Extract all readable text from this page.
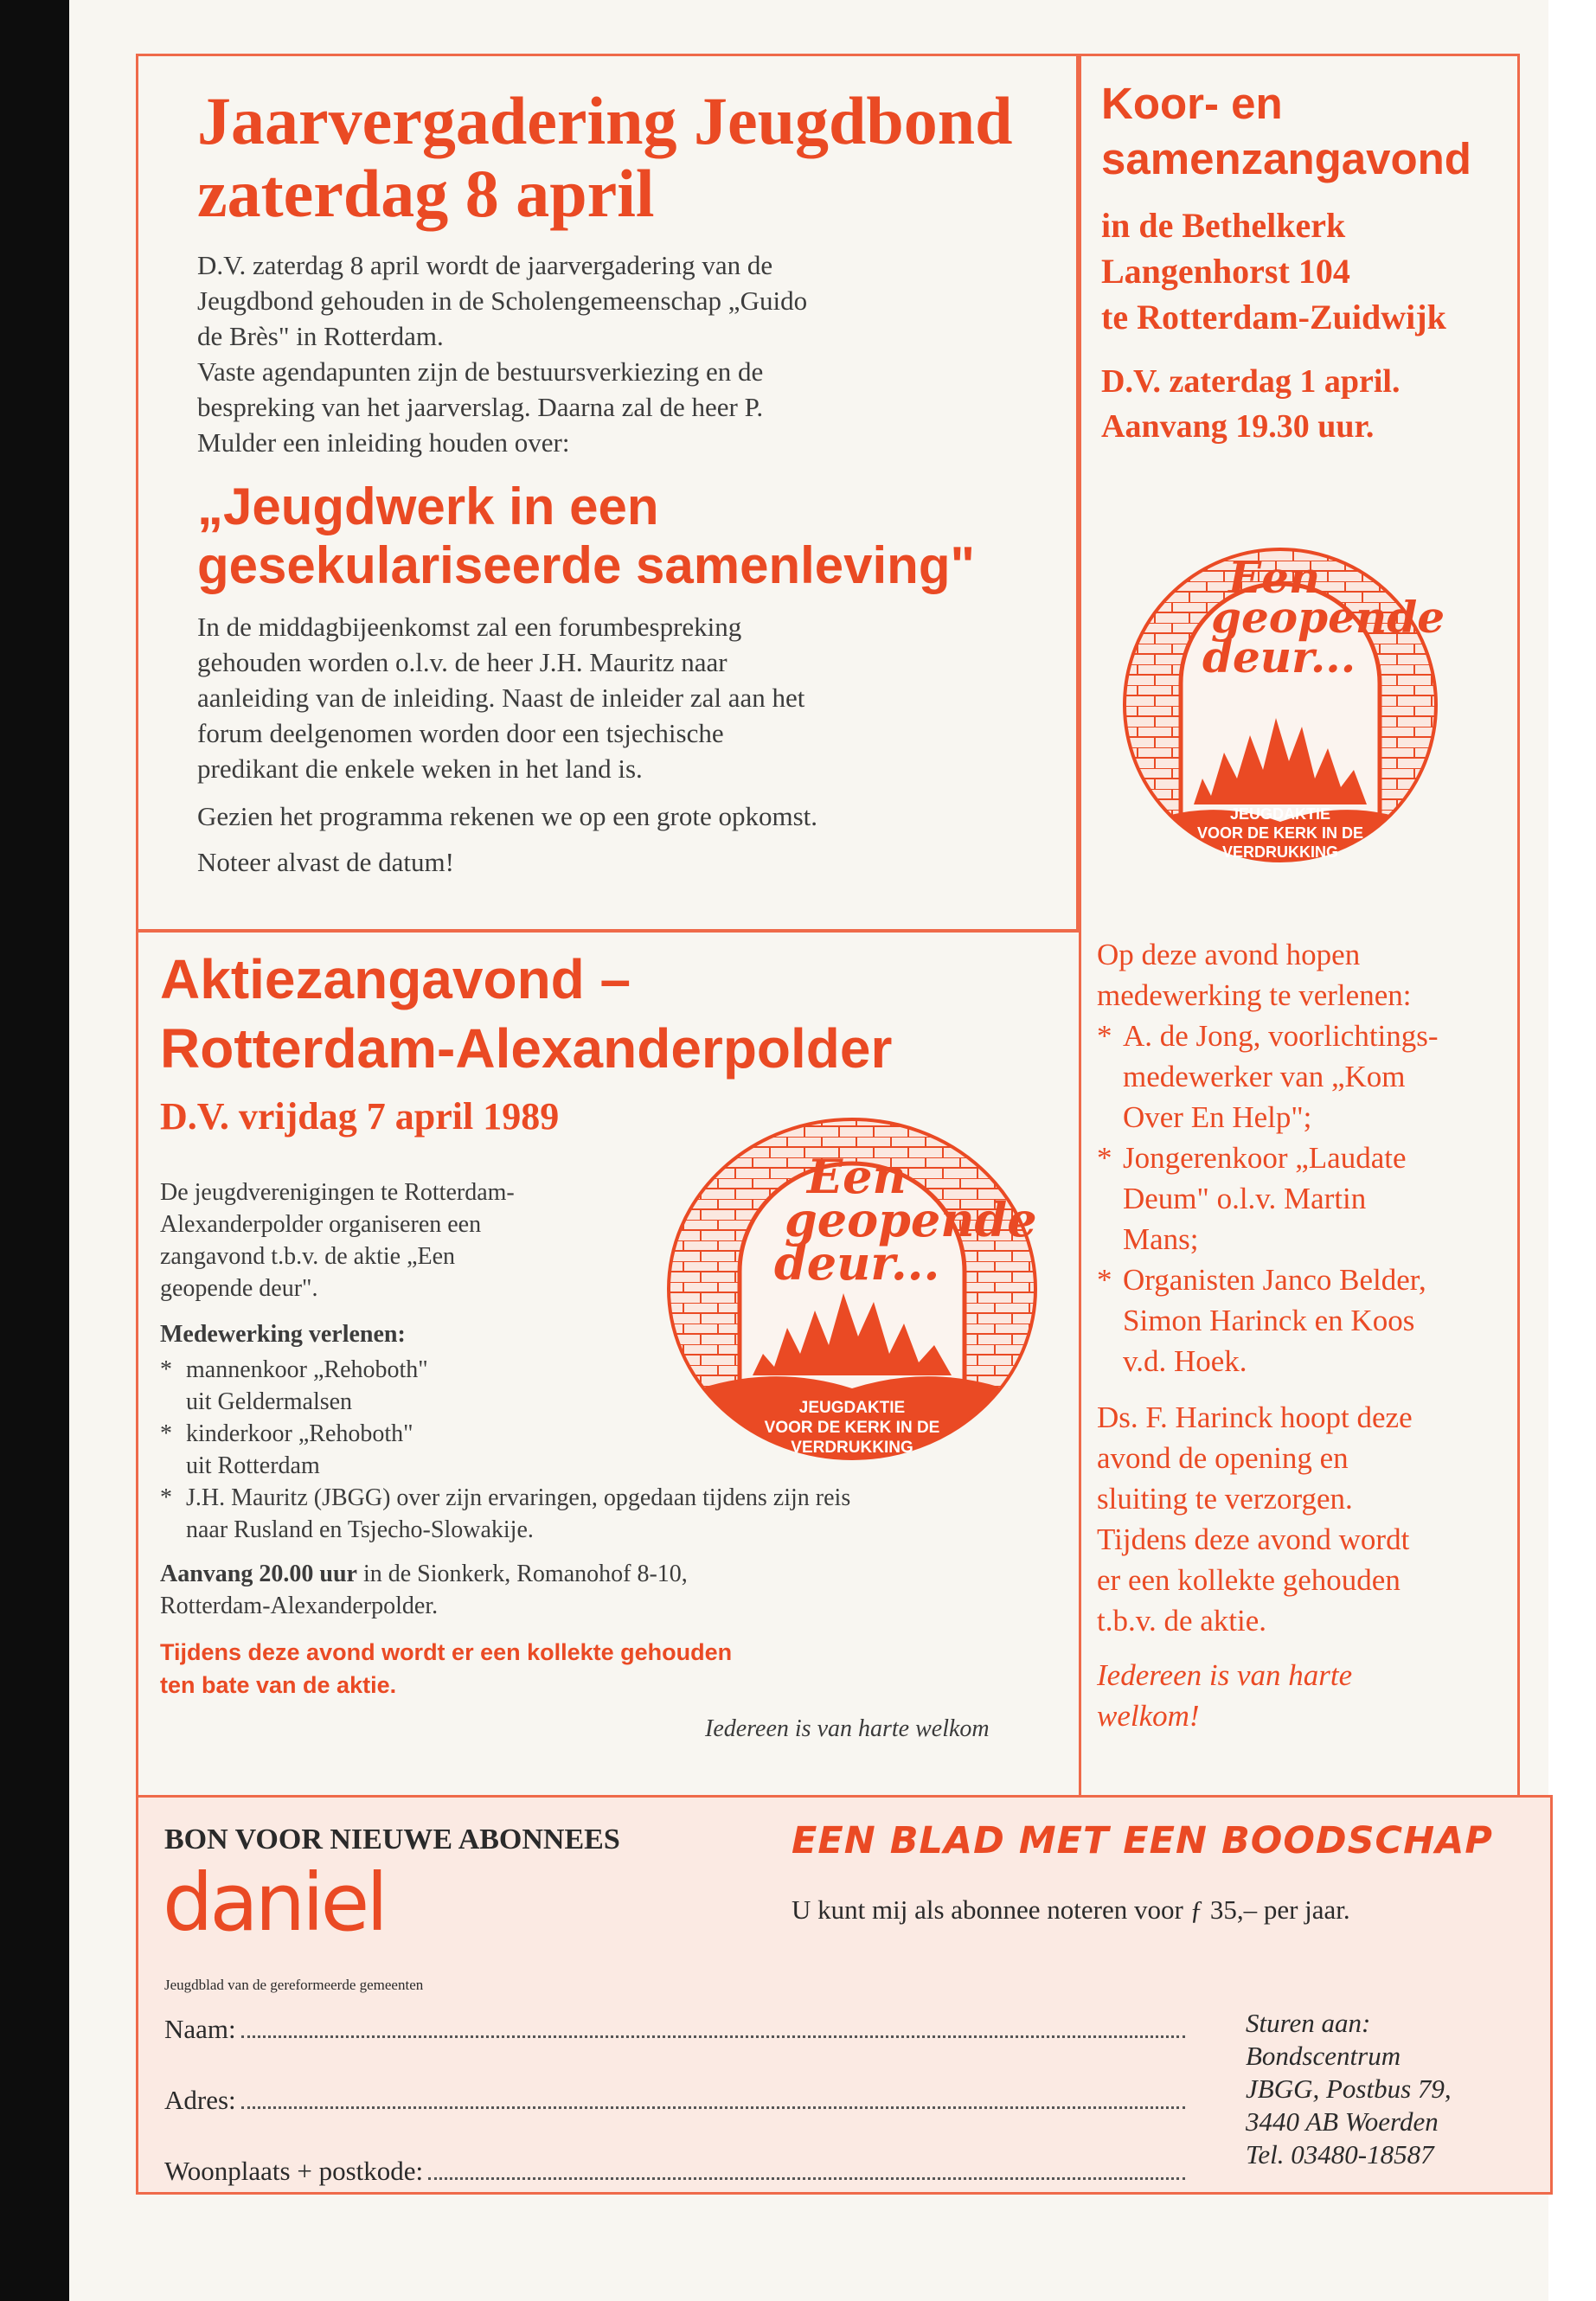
Jaarvergadering Jeugdbond
zaterdag 8 april
D.V. zaterdag 8 april wordt de jaarvergadering van de
Jeugdbond gehouden in de Scholengemeenschap „Guido
de Brès" in Rotterdam.
Vaste agendapunten zijn de bestuursverkiezing en de
bespreking van het jaarverslag. Daarna zal de heer P.
Mulder een inleiding houden over:
„Jeugdwerk in een
gesekulariseerde samenleving"
In de middagbijeenkomst zal een forumbespreking
gehouden worden o.l.v. de heer J.H. Mauritz naar
aanleiding van de inleiding. Naast de inleider zal aan het
forum deelgenomen worden door een tsjechische
predikant die enkele weken in het land is.
Gezien het programma rekenen we op een grote opkomst.
Noteer alvast de datum!
Koor- en
samenzangavond
in de Bethelkerk
Langenhorst 104
te Rotterdam-Zuidwijk
D.V. zaterdag 1 april.
Aanvang 19.30 uur.
Een
geopende
deur...
JEUGDAKTIE
VOOR DE KERK IN DE
VERDRUKKING
Op deze avond hopen
medewerking te verlenen:
* A. de Jong, voorlichtings-
medewerker van „Kom
Over En Help";
* Jongerenkoor „Laudate
Deum" o.l.v. Martin
Mans;
* Organisten Janco Belder,
Simon Harinck en Koos
v.d. Hoek.
Ds. F. Harinck hoopt deze
avond de opening en
sluiting te verzorgen.
Tijdens deze avond wordt
er een kollekte gehouden
t.b.v. de aktie.
Iedereen is van harte
welkom!
Aktiezangavond –
Rotterdam-Alexanderpolder
D.V. vrijdag 7 april 1989
De jeugdverenigingen te Rotterdam-
Alexanderpolder organiseren een
zangavond t.b.v. de aktie „Een
geopende deur".
Medewerking verlenen:
* mannenkoor „Rehoboth"
uit Geldermalsen
* kinderkoor „Rehoboth"
uit Rotterdam
* J.H. Mauritz (JBGG) over zijn ervaringen, opgedaan tijdens zijn reis
naar Rusland en Tsjecho-Slowakije.
Aanvang 20.00 uur in de Sionkerk, Romanohof 8-10,
Rotterdam-Alexanderpolder.
Tijdens deze avond wordt er een kollekte gehouden
ten bate van de aktie.
Iedereen is van harte welkom
Een
geopende
deur...
JEUGDAKTIE
VOOR DE KERK IN DE
VERDRUKKING
BON VOOR NIEUWE ABONNEES	EEN BLAD MET EEN BOODSCHAP
U kunt mij als abonnee noteren voor ƒ 35,– per jaar.
daniel
Jeugdblad van de gereformeerde gemeenten
Naam:
Adres:
Woonplaats + postkode:
Sturen aan:
Bondscentrum
JBGG, Postbus 79,
3440 AB Woerden
Tel. 03480-18587
